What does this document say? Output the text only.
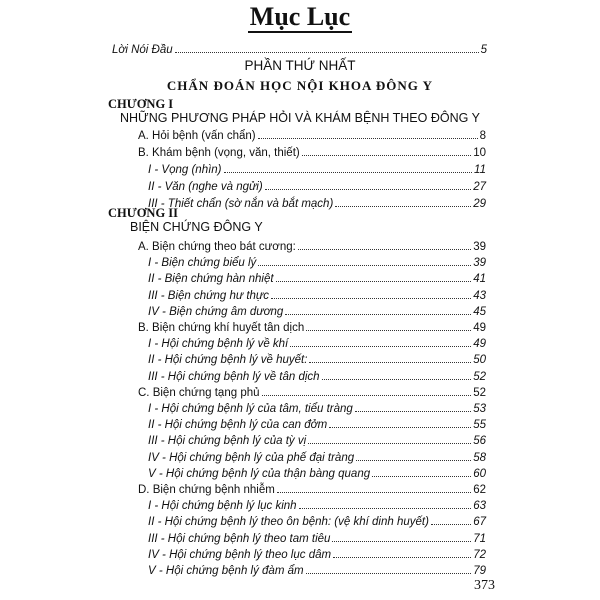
Mục Lục
Lời Nói Đầu	5
PHẦN THỨ NHẤT
CHẨN ĐOÁN HỌC NỘI KHOA ĐÔNG Y
CHƯƠNG I
NHỮNG PHƯƠNG PHÁP HỎI VÀ KHÁM BỆNH THEO ĐÔNG Y
A. Hỏi bệnh (vấn chẩn)	8
B. Khám bệnh (vọng, văn, thiết)	10
I - Vọng (nhìn)	11
II - Văn (nghe và ngửi)	27
III - Thiết chẩn (sờ nắn và bắt mạch)	29
CHƯƠNG II
BIỆN CHỨNG ĐÔNG Y
A. Biện chứng theo bát cương:	39
I - Biện chứng biểu lý	39
II - Biện chứng hàn nhiệt	41
III - Biện chứng hư thực	43
IV - Biện chứng âm dương	45
B. Biện chứng khí huyết tân dịch	49
I - Hội chứng bệnh lý về khí	49
II - Hội chứng bệnh lý về huyết:	50
III - Hội chứng bệnh lý về tân dịch	52
C. Biện chứng tạng phủ	52
I - Hội chứng bệnh lý của tâm, tiểu tràng	53
II - Hội chứng bệnh lý của can đởm	55
III - Hội chứng bệnh lý của tỳ vị	56
IV - Hội chứng bệnh lý của phế đại tràng	58
V - Hội chứng bệnh lý của thận bàng quang	60
D. Biện chứng bệnh nhiễm	62
I - Hội chứng bệnh lý lục kinh	63
II - Hội chứng bệnh lý theo ôn bệnh: (vệ khí dinh huyết)	67
III - Hội chứng bệnh lý theo tam tiêu	71
IV - Hội chứng bệnh lý theo lục dâm	72
V - Hội chứng bệnh lý đàm ẩm	79
373
